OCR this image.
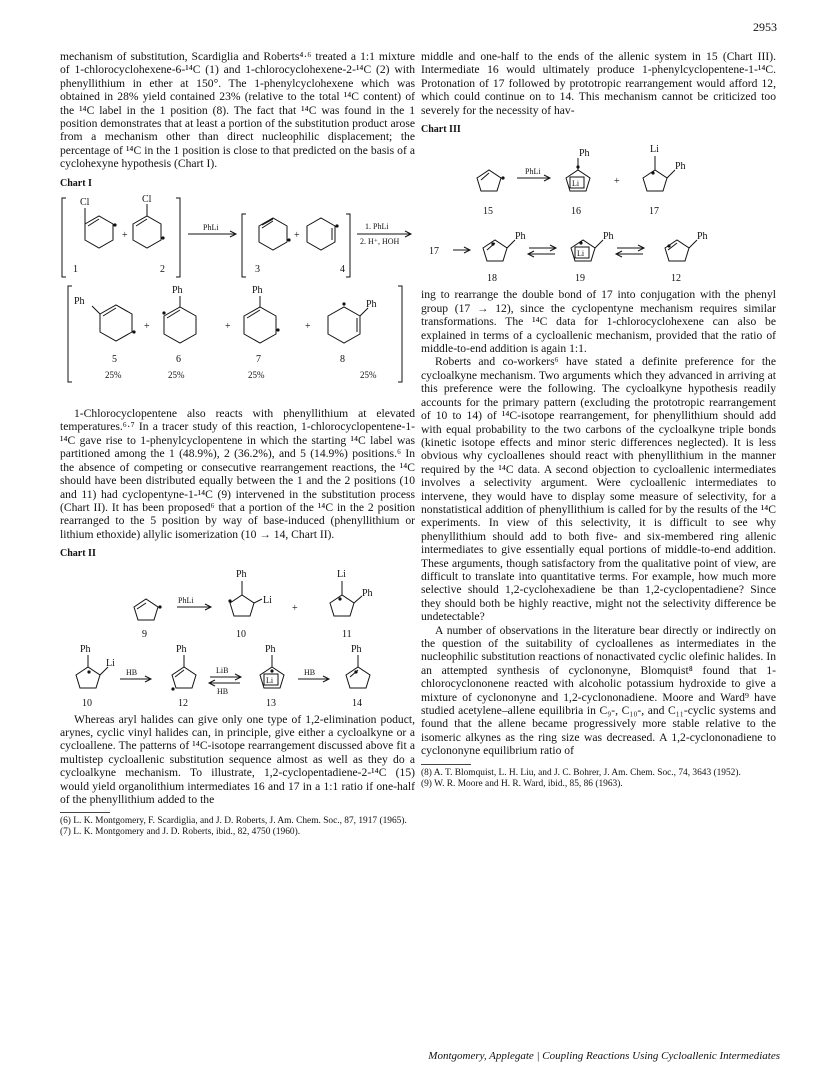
2953

mechanism of substitution, Scardiglia and Roberts⁴·⁶ treated a 1:1 mixture of 1-chlorocyclohexene-6-¹⁴C (1) and 1-chlorocyclohexene-2-¹⁴C (2) with phenyllithium in ether at 150°. The 1-phenylcyclohexene which was obtained in 28% yield contained 23% (relative to the total ¹⁴C content) of the ¹⁴C label in the 1 position (8). The fact that ¹⁴C was found in the 1 position demonstrates that at least a portion of the substitution product arose from a mechanism other than direct nucleophilic displacement; the percentage of ¹⁴C in the 1 position is close to that predicted on the basis of a cyclohexyne hypothesis (Chart I).

Chart I
Cl	Cl
+
PhLi
+
1. PhLi
2. H⁺, HOH
1	2	3	4
Ph
Ph	Ph
Ph
+	+	+
5	6	7	8
25%	25%	25%	25%

1-Chlorocyclopentene also reacts with phenyllithium at elevated temperatures.⁶·⁷ In a tracer study of this reaction, 1-chlorocyclopentene-1-¹⁴C gave rise to 1-phenylcyclopentene in which the starting ¹⁴C label was partitioned among the 1 (48.9%), 2 (36.2%), and 5 (14.9%) positions.⁶ In the absence of competing or consecutive rearrangement reactions, the ¹⁴C should have been distributed equally between the 1 and the 2 positions (10 and 11) had cyclopentyne-1-¹⁴C (9) intervened in the substitution process (Chart II). It has been proposed⁶ that a portion of the ¹⁴C in the 2 position rearranged to the 5 position by way of base-induced (phenyllithium or lithium ethoxide) allylic isomerization (10 → 14, Chart II).

Chart II
PhLi
Ph
Li
+
Li
Ph
9	10	11
Ph
Li
HB
Ph
LiB
HB
Ph
Li
HB
Ph
10	12	13	14

Whereas aryl halides can give only one type of 1,2-elimination poduct, arynes, cyclic vinyl halides can, in principle, give either a cycloalkyne or a cycloallene. The patterns of ¹⁴C-isotope rearrangement discussed above fit a multistep cycloallenic substitution sequence almost as well as they do a cycloalkyne mechanism. To illustrate, 1,2-cyclopentadiene-2-¹⁴C (15) would yield organolithium intermediates 16 and 17 in a 1:1 ratio if one-half of the phenyllithium added to the

(6) L. K. Montgomery, F. Scardiglia, and J. D. Roberts, J. Am. Chem. Soc., 87, 1917 (1965).
(7) L. K. Montgomery and J. D. Roberts, ibid., 82, 4750 (1960).

middle and one-half to the ends of the allenic system in 15 (Chart III). Intermediate 16 would ultimately produce 1-phenylcyclopentene-1-¹⁴C. Protonation of 17 followed by prototropic rearrangement would afford 12, which could continue on to 14. This mechanism cannot be criticized too severely for the necessity of hav-

Chart III
PhLi
Ph
Li	+
Li
Ph
15	16	17
17
Ph	Ph
Li
Ph
18	19	12

ing to rearrange the double bond of 17 into conjugation with the phenyl group (17 → 12), since the cyclopentyne mechanism requires similar transformations. The ¹⁴C data for 1-chlorocyclohexene can also be explained in terms of a cycloallenic mechanism, provided that the ratio of middle-to-end addition is again 1:1.

Roberts and co-workers⁶ have stated a definite preference for the cycloalkyne mechanism. Two arguments which they advanced in arriving at this preference were the following. The cycloalkyne hypothesis readily accounts for the primary pattern (excluding the prototropic rearrangement of 10 to 14) of ¹⁴C-isotope rearrangement, for phenyllithium should add with equal probability to the two carbons of the cycloalkyne triple bonds (kinetic isotope effects and minor steric differences neglected). It is less obvious why cycloallenes should react with phenyllithium in the manner required by the ¹⁴C data. A second objection to cycloallenic intermediates involves a selectivity argument. Were cycloallenic intermediates to intervene, they would have to display some measure of selectivity, for a nonstatistical addition of phenyllithium is called for by the results of the ¹⁴C experiments. In view of this selectivity, it is difficult to see why phenyllithium should add to both five- and six-membered ring allenic intermediates to give essentially equal portions of middle-to-end addition. These arguments, though satisfactory from the qualitative point of view, are difficult to translate into quantitative terms. For example, how much more selective should 1,2-cyclohexadiene be than 1,2-cyclopentadiene? Since they should both be highly reactive, might not the selectivity difference be undetectable?

A number of observations in the literature bear directly or indirectly on the question of the suitability of cycloallenes as intermediates in the nucleophilic substitution reactions of nonactivated cyclic olefinic halides. In an attempted synthesis of cyclononyne, Blomquist⁸ found that 1-chlorocyclononene reacted with alcoholic potassium hydroxide to give a mixture of cyclononyne and 1,2-cyclononadiene. Moore and Ward⁹ have studied acetylene–allene equilibria in C₉-, C₁₀-, and C₁₁-cyclic systems and found that the allene became progressively more stable relative to the isomeric alkynes as the ring size was decreased. A 1,2-cyclononadiene to cyclononyne equilibrium ratio of

(8) A. T. Blomquist, L. H. Liu, and J. C. Bohrer, J. Am. Chem. Soc., 74, 3643 (1952).
(9) W. R. Moore and H. R. Ward, ibid., 85, 86 (1963).
Montgomery, Applegate | Coupling Reactions Using Cycloallenic Intermediates
